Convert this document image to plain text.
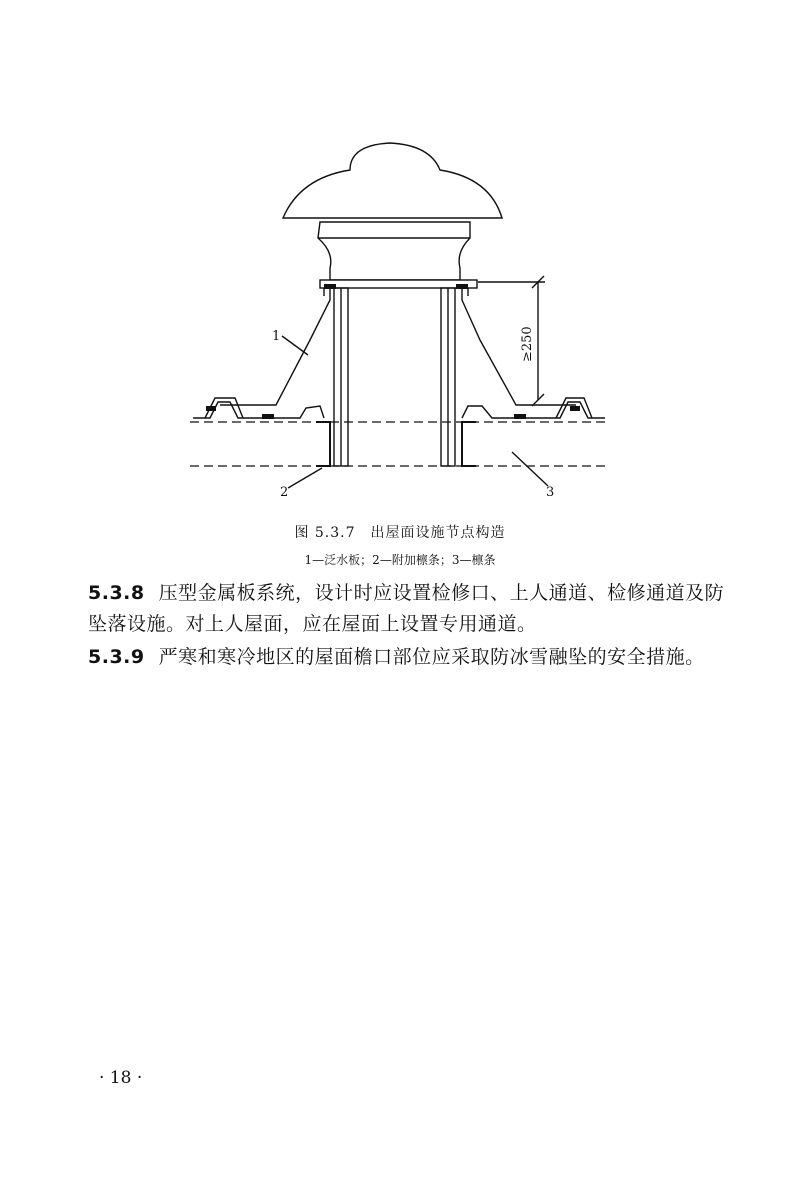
1
2	3
≥250
图 5.3.7　出屋面设施节点构造
1—泛水板；2—附加檩条；3—檩条
5.3.8 压型金属板系统，设计时应设置检修口、上人通道、检修通道及防坠落设施。对上人屋面，应在屋面上设置专用通道。
5.3.9 严寒和寒冷地区的屋面檐口部位应采取防冰雪融坠的安全措施。
· 18 ·
